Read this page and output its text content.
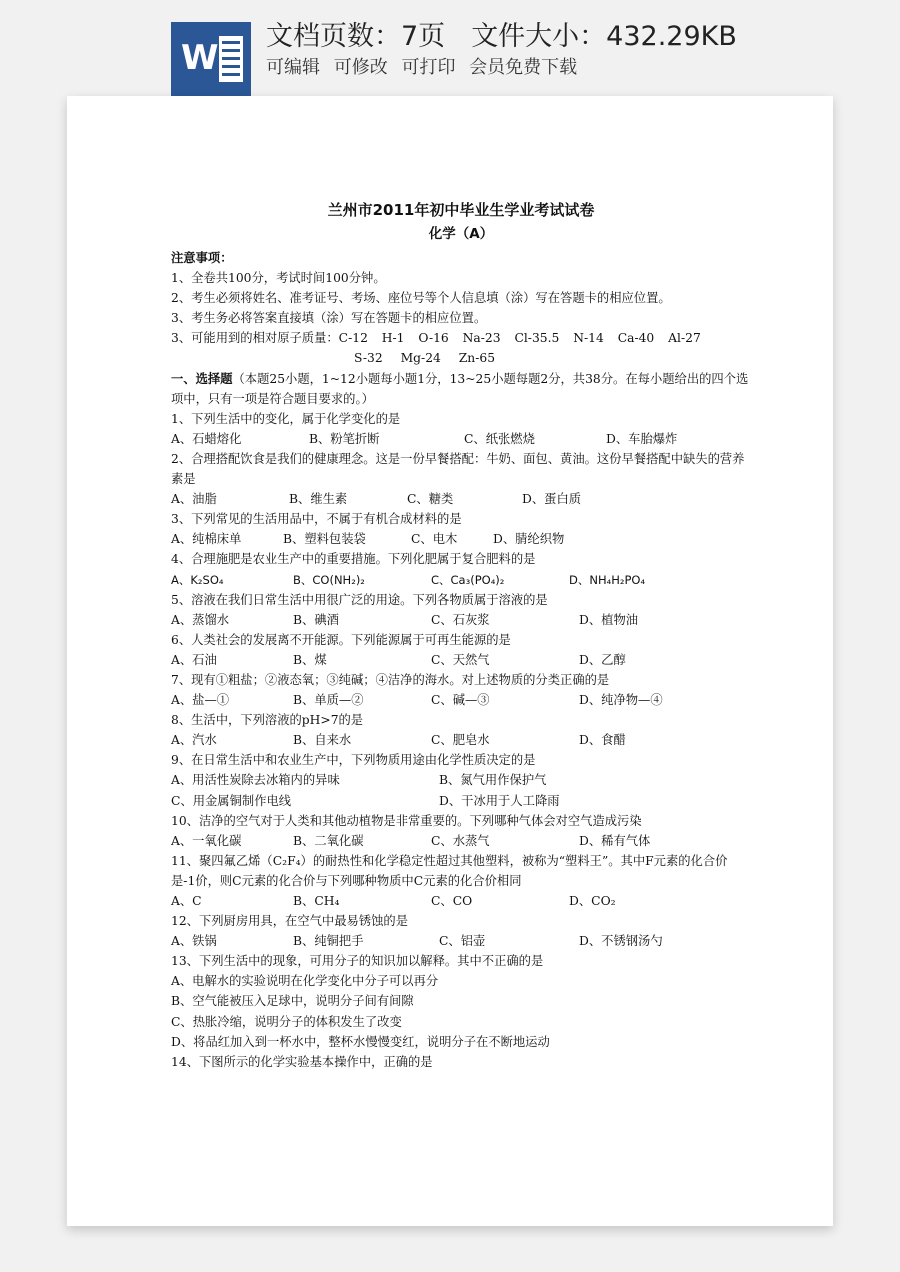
W
文档页数：7页 文件大小：432.29KB
可编辑 可修改 可打印 会员免费下载
兰州市2011年初中毕业生学业考试试卷
化学（A）
注意事项：
1、全卷共100分，考试时间100分钟。
2、考生必须将姓名、准考证号、考场、座位号等个人信息填（涂）写在答题卡的相应位置。
3、考生务必将答案直接填（涂）写在答题卡的相应位置。
3、可能用到的相对原子质量：C-12 H-1 O-16 Na-23 Cl-35.5 N-14 Ca-40 Al-27
S-32 Mg-24 Zn-65
一、选择题（本题25小题，1~12小题每小题1分，13~25小题每题2分，共38分。在每小题给出的四个选项中，只有一项是符合题目要求的。）
1、下列生活中的变化，属于化学变化的是
A、石蜡熔化	B、粉笔折断	C、纸张燃烧	D、车胎爆炸
2、合理搭配饮食是我们的健康理念。这是一份早餐搭配：牛奶、面包、黄油。这份早餐搭配中缺失的营养素是
A、油脂	B、维生素	C、糖类	D、蛋白质
3、下列常见的生活用品中，不属于有机合成材料的是
A、纯棉床单	B、塑料包装袋	C、电木	D、腈纶织物
4、合理施肥是农业生产中的重要措施。下列化肥属于复合肥料的是
A、K₂SO₄	B、CO(NH₂)₂	C、Ca₃(PO₄)₂	D、NH₄H₂PO₄
5、溶液在我们日常生活中用很广泛的用途。下列各物质属于溶液的是
A、蒸馏水	B、碘酒	C、石灰浆	D、植物油
6、人类社会的发展离不开能源。下列能源属于可再生能源的是
A、石油	B、煤	C、天然气	D、乙醇
7、现有①粗盐；②液态氧；③纯碱；④洁净的海水。对上述物质的分类正确的是
A、盐—①	B、单质—②	C、碱—③	D、纯净物—④
8、生活中，下列溶液的pH>7的是
A、汽水	B、自来水	C、肥皂水	D、食醋
9、在日常生活中和农业生产中，下列物质用途由化学性质决定的是
A、用活性炭除去冰箱内的异味	B、氮气用作保护气
C、用金属铜制作电线	D、干冰用于人工降雨
10、洁净的空气对于人类和其他动植物是非常重要的。下列哪种气体会对空气造成污染
A、一氧化碳	B、二氧化碳	C、水蒸气	D、稀有气体
11、聚四氟乙烯（C₂F₄）的耐热性和化学稳定性超过其他塑料，被称为“塑料王”。其中F元素的化合价是-1价，则C元素的化合价与下列哪种物质中C元素的化合价相同
A、C	B、CH₄	C、CO	D、CO₂
12、下列厨房用具，在空气中最易锈蚀的是
A、铁锅	B、纯铜把手	C、铝壶	D、不锈钢汤勺
13、下列生活中的现象，可用分子的知识加以解释。其中不正确的是
A、电解水的实验说明在化学变化中分子可以再分
B、空气能被压入足球中，说明分子间有间隙
C、热胀冷缩，说明分子的体积发生了改变
D、将品红加入到一杯水中，整杯水慢慢变红，说明分子在不断地运动
14、下图所示的化学实验基本操作中，正确的是
